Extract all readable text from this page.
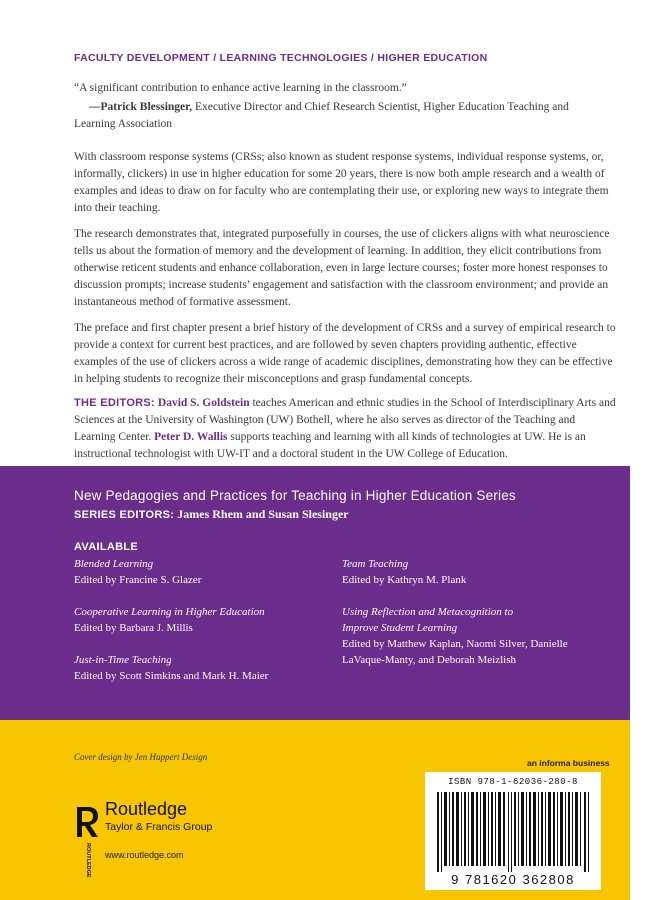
FACULTY DEVELOPMENT / LEARNING TECHNOLOGIES / HIGHER EDUCATION
“A significant contribution to enhance active learning in the classroom.”
—Patrick Blessinger, Executive Director and Chief Research Scientist, Higher Education Teaching and Learning Association

With classroom response systems (CRSs; also known as student response systems, individual response systems, or, informally, clickers) in use in higher education for some 20 years, there is now both ample research and a wealth of examples and ideas to draw on for faculty who are contemplating their use, or exploring new ways to integrate them into their teaching.

The research demonstrates that, integrated purposefully in courses, the use of clickers aligns with what neuroscience tells us about the formation of memory and the development of learning. In addition, they elicit contributions from otherwise reticent students and enhance collaboration, even in large lecture courses; foster more honest responses to discussion prompts; increase students’ engagement and satisfaction with the classroom environment; and provide an instantaneous method of formative assessment.

The preface and first chapter present a brief history of the development of CRSs and a survey of empirical research to provide a context for current best practices, and are followed by seven chapters providing authentic, effective examples of the use of clickers across a wide range of academic disciplines, demonstrating how they can be effective in helping students to recognize their misconceptions and grasp fundamental concepts.

THE EDITORS: David S. Goldstein teaches American and ethnic studies in the School of Interdisciplinary Arts and Sciences at the University of Washington (UW) Bothell, where he also serves as director of the Teaching and Learning Center. Peter D. Wallis supports teaching and learning with all kinds of technologies at UW. He is an instructional technologist with UW-IT and a doctoral student in the UW College of Education.

New Pedagogies and Practices for Teaching in Higher Education Series
SERIES EDITORS: James Rhem and Susan Slesinger
AVAILABLE
Blended Learning
Edited by Francine S. Glazer
Cooperative Learning in Higher Education
Edited by Barbara J. Millis
Just-in-Time Teaching
Edited by Scott Simkins and Mark H. Maier
Team Teaching
Edited by Kathryn M. Plank
Using Reflection and Metacognition to Improve Student Learning
Edited by Matthew Kaplan, Naomi Silver, Danielle LaVaque-Manty, and Deborah Meizlish
Cover design by Jen Huppert Design
an informa business
ISBN 978-1-62036-280-8
9 781620 362808
ROUTLEDGE
Routledge
Taylor & Francis Group
www.routledge.com
